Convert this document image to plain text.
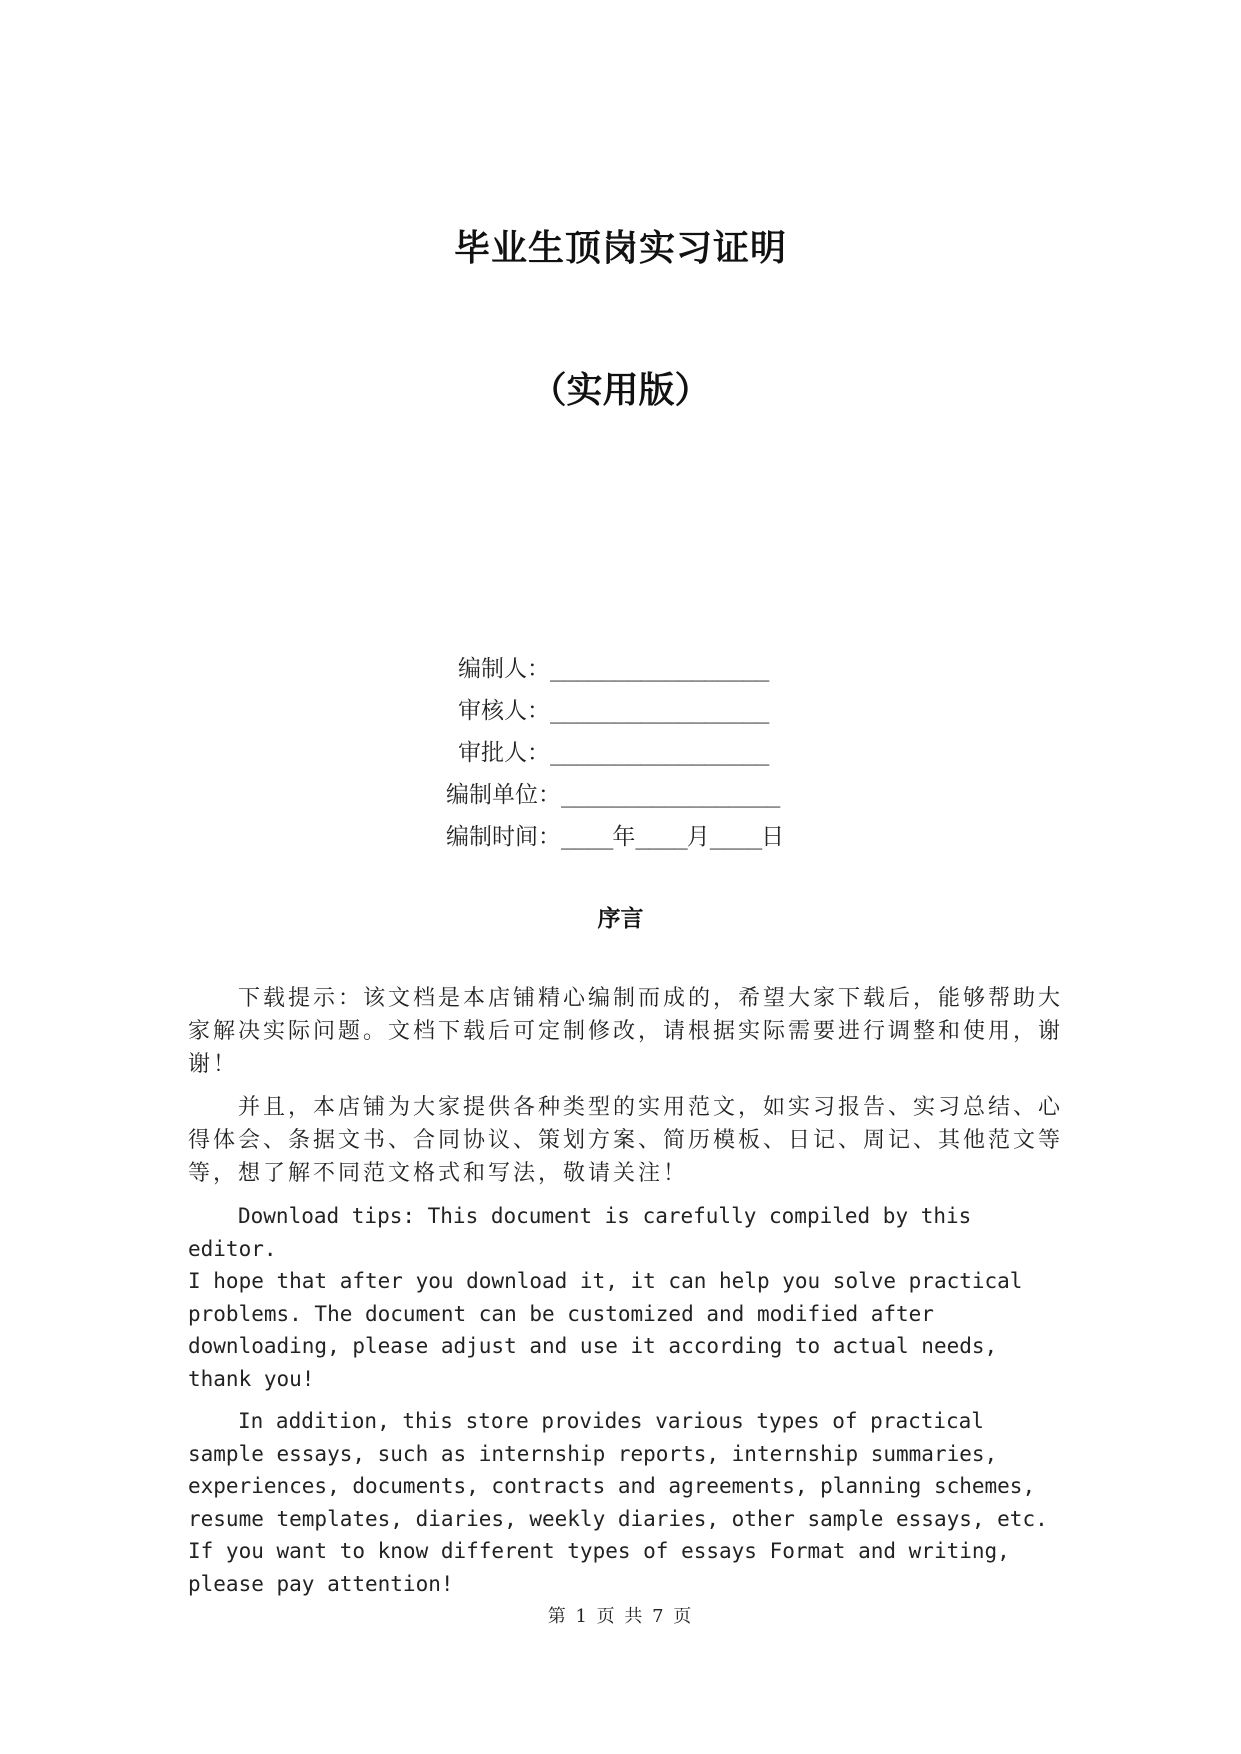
毕业生顶岗实习证明
（实用版）
编制人：_________________
审核人：_________________
审批人：_________________
编制单位：_________________
编制时间：____年____月____日
序言

下载提示：该文档是本店铺精心编制而成的，希望大家下载后，能够帮助大家解决实际问题。文档下载后可定制修改，请根据实际需要进行调整和使用，谢谢！

并且，本店铺为大家提供各种类型的实用范文，如实习报告、实习总结、心得体会、条据文书、合同协议、策划方案、简历模板、日记、周记、其他范文等等，想了解不同范文格式和写法，敬请关注！

Download tips: This document is carefully compiled by this editor.
I hope that after you download it, it can help you solve practical
problems. The document can be customized and modified after
downloading, please adjust and use it according to actual needs,
thank you!

In addition, this store provides various types of practical
sample essays, such as internship reports, internship summaries,
experiences, documents, contracts and agreements, planning schemes,
resume templates, diaries, weekly diaries, other sample essays, etc.
If you want to know different types of essays Format and writing,
please pay attention!

第 1 页 共 7 页
